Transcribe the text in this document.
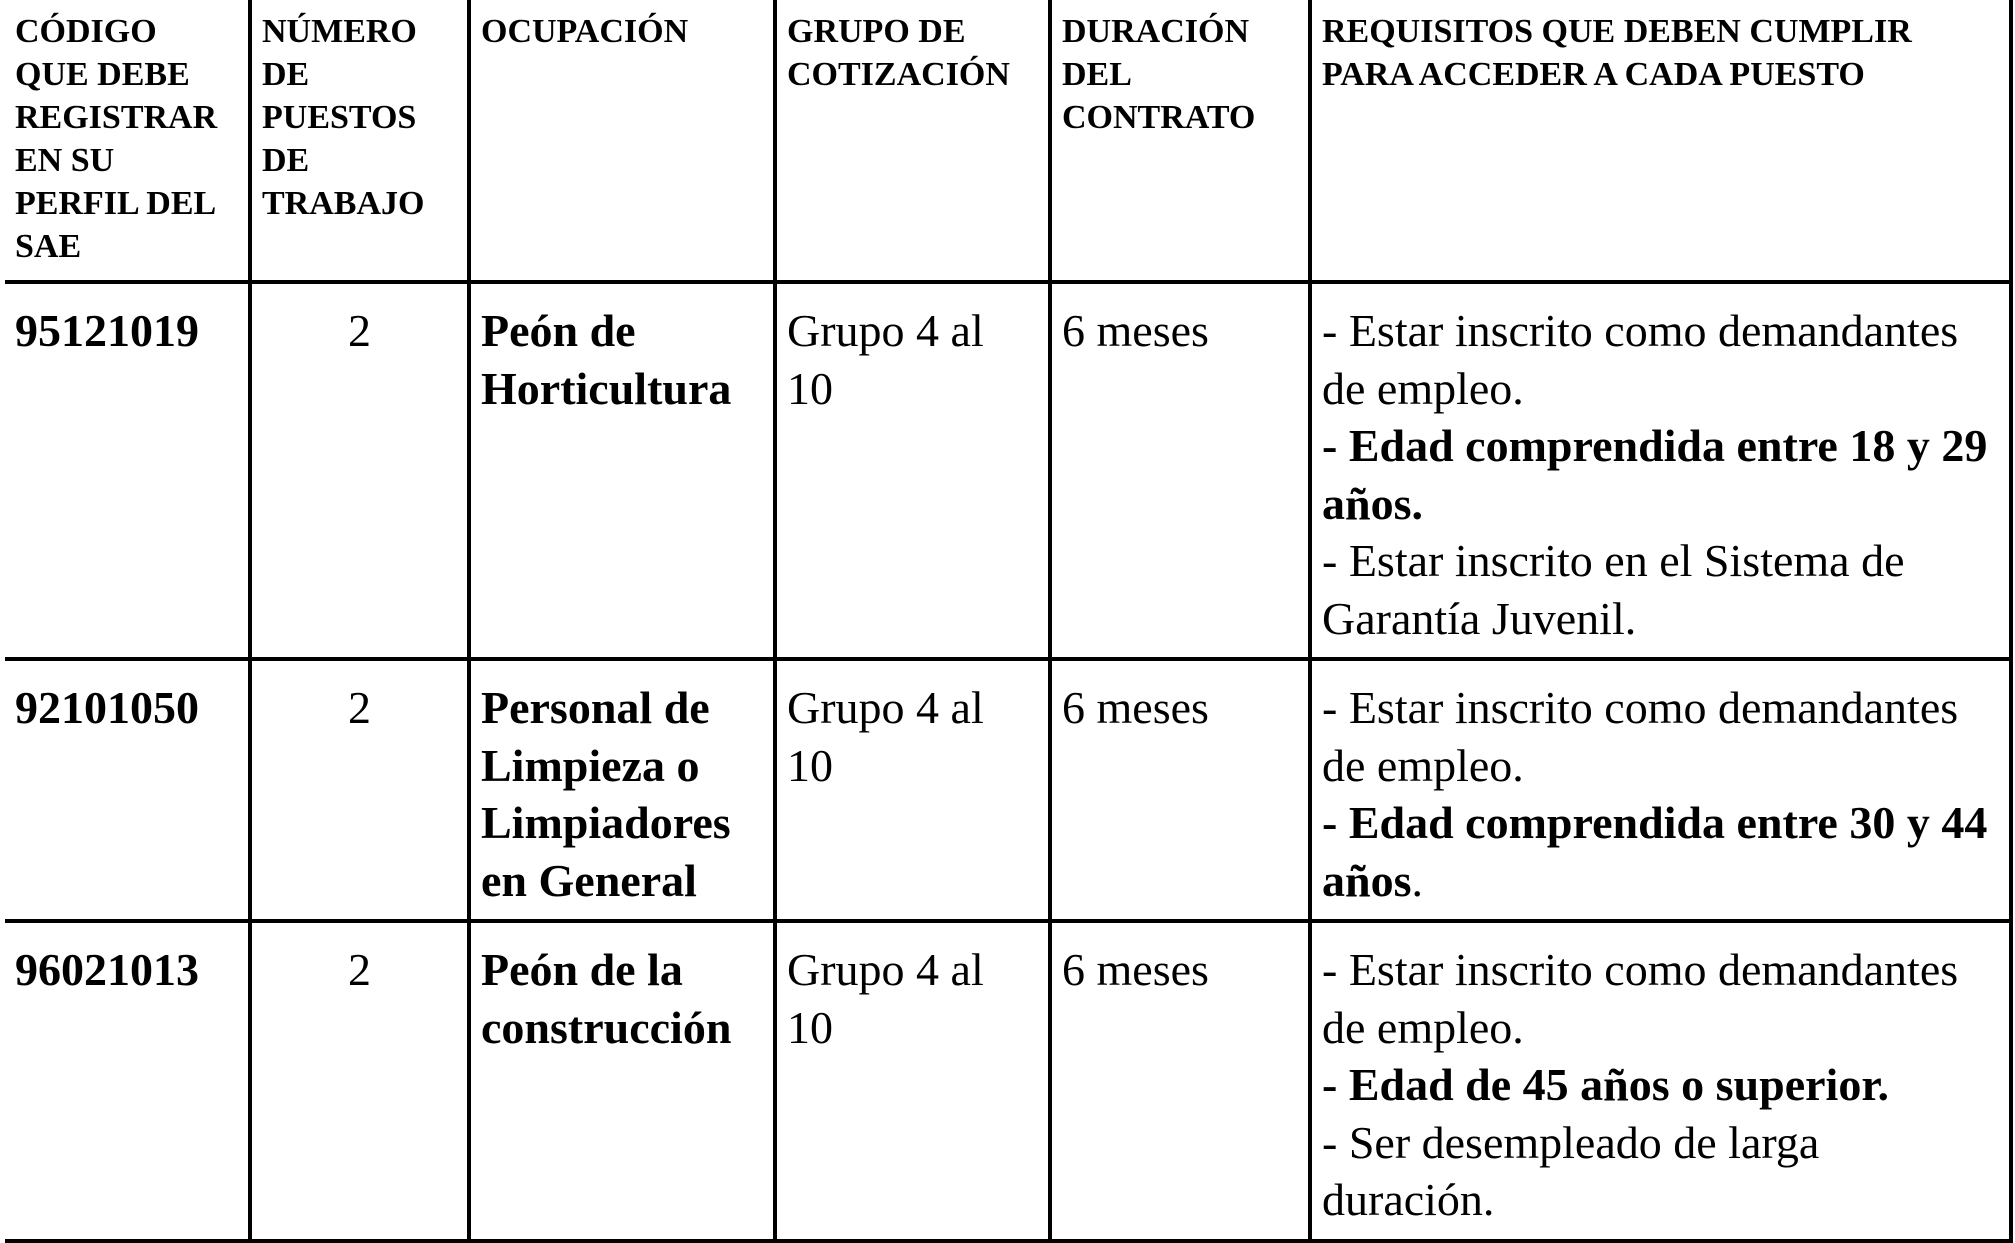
CÓDIGO QUE DEBE REGISTRAR EN SU PERFIL DEL SAE	NÚMERO DE PUESTOS DE TRABAJO	OCUPACIÓN	GRUPO DE COTIZACIÓN	DURACIÓN DEL CONTRATO	REQUISITOS QUE DEBEN CUMPLIR PARA ACCEDER A CADA PUESTO
95121019	2	Peón de Horticultura	Grupo 4 al 10	6 meses	- Estar inscrito como demandantes de empleo.
- Edad comprendida entre 18 y 29 años.
- Estar inscrito en el Sistema de Garantía Juvenil.

92101050	2	Personal de Limpieza o Limpiadores en General	Grupo 4 al 10	6 meses	- Estar inscrito como demandantes de empleo.
- Edad comprendida entre 30 y 44 años.

96021013	2	Peón de la construcción	Grupo 4 al 10	6 meses	- Estar inscrito como demandantes de empleo.
- Edad de 45 años o superior.
- Ser desempleado de larga duración.
